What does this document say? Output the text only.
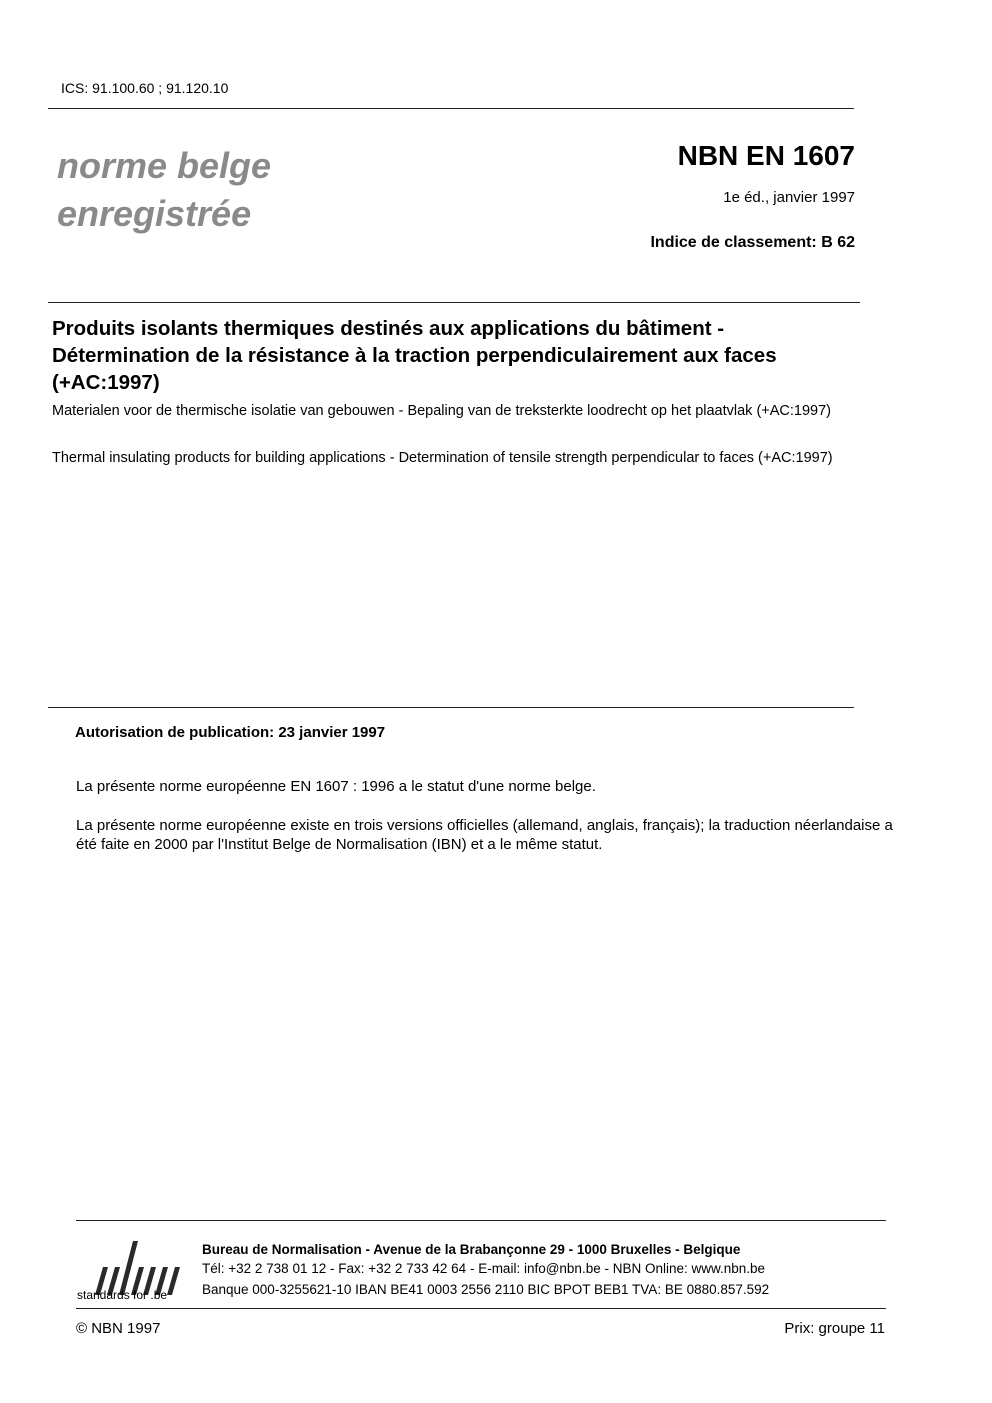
ICS: 91.100.60 ; 91.120.10
norme belge
enregistrée
NBN EN 1607
1e éd., janvier 1997
Indice de classement: B 62
Produits isolants thermiques destinés aux applications du bâtiment - Détermination de la résistance à la traction perpendiculairement aux faces (+AC:1997)
Materialen voor de thermische isolatie van gebouwen - Bepaling van de treksterkte loodrecht op het plaatvlak (+AC:1997)
Thermal insulating products for building applications - Determination of tensile strength perpendicular to faces (+AC:1997)
Autorisation de publication: 23 janvier 1997
La présente norme européenne EN 1607 : 1996 a le statut d'une norme belge.
La présente norme européenne existe en trois versions officielles (allemand, anglais, français); la traduction néerlandaise a été faite en 2000 par l'Institut Belge de Normalisation (IBN) et a le même statut.
standards for .be
Bureau de Normalisation - Avenue de la Brabançonne 29 - 1000 Bruxelles - Belgique
Tél: +32 2 738 01 12 - Fax: +32 2 733 42 64 - E-mail: info@nbn.be - NBN Online: www.nbn.be
Banque 000-3255621-10 IBAN BE41 0003 2556 2110 BIC BPOT BEB1 TVA: BE 0880.857.592
© NBN 1997	Prix: groupe 11
